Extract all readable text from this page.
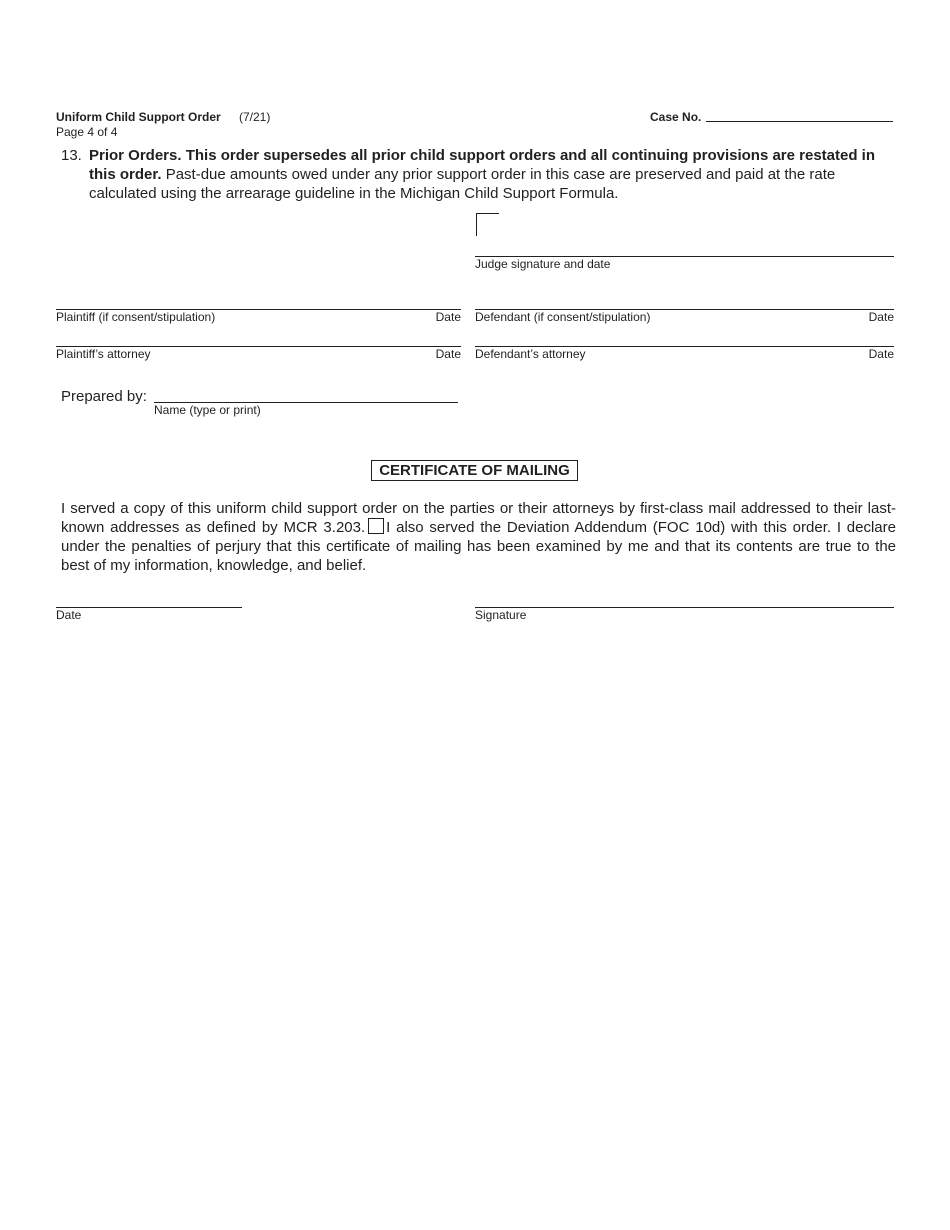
Uniform Child Support Order (7/21)
Page 4 of 4
Case No.
13. Prior Orders. This order supersedes all prior child support orders and all continuing provisions are restated in this order. Past-due amounts owed under any prior support order in this case are preserved and paid at the rate calculated using the arrearage guideline in the Michigan Child Support Formula.
Judge signature and date
Plaintiff (if consent/stipulation)	Date Defendant (if consent/stipulation)	Date
Plaintiff’s attorney	Date Defendant’s attorney	Date
Prepared by:
Name (type or print)
CERTIFICATE OF MAILING
I served a copy of this uniform child support order on the parties or their attorneys by first-class mail addressed to their last-known addresses as defined by MCR 3.203. I also served the Deviation Addendum (FOC 10d) with this order. I declare under the penalties of perjury that this certificate of mailing has been examined by me and that its contents are true to the best of my information, knowledge, and belief.
Date	Signature
